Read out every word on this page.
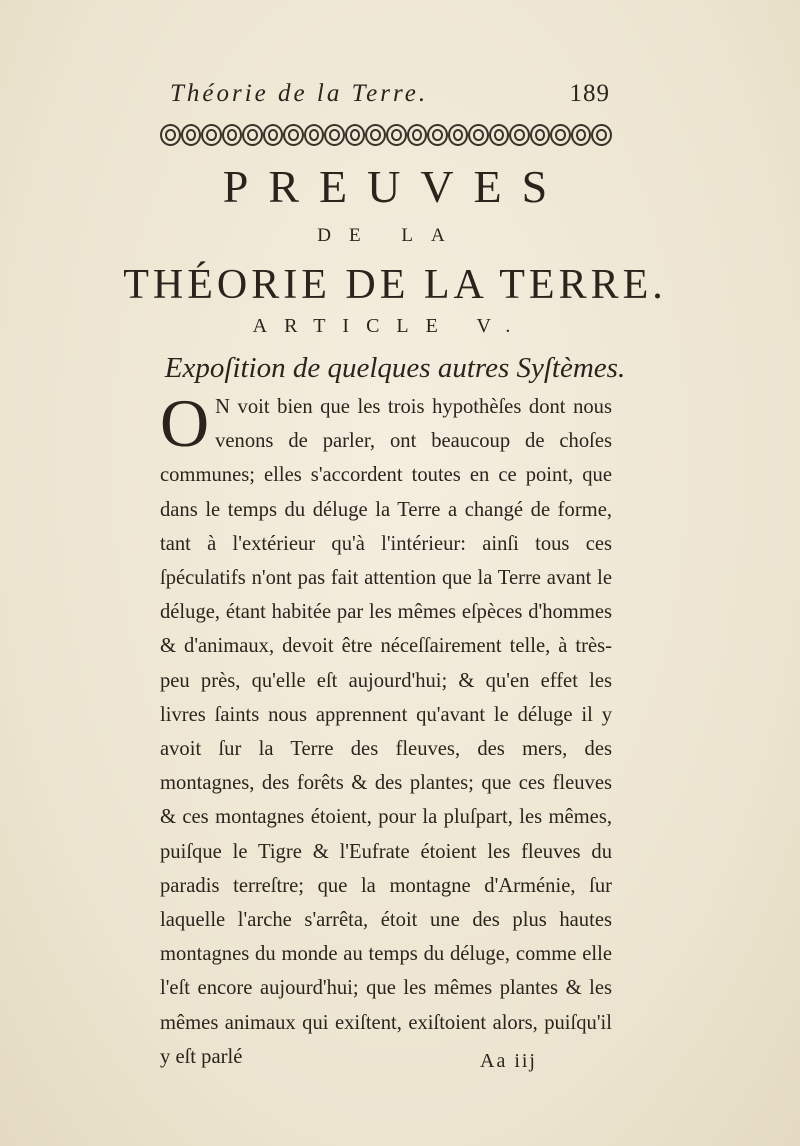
Théorie de la Terre.	189
PREUVES
DE LA
THÉORIE DE LA TERRE.
ARTICLE V.
Expoſition de quelques autres Syſtèmes.

O N voit bien que les trois hypothèſes dont nous venons de parler, ont beaucoup de choſes communes; elles s'accordent toutes en ce point, que dans le temps du déluge la Terre a changé de forme, tant à l'extérieur qu'à l'intérieur: ainſi tous ces ſpéculatifs n'ont pas fait attention que la Terre avant le déluge, étant habitée par les mêmes eſpèces d'hommes & d'animaux, devoit être néceſſairement telle, à très-peu près, qu'elle eſt aujourd'hui; & qu'en effet les livres ſaints nous apprennent qu'avant le déluge il y avoit ſur la Terre des fleuves, des mers, des montagnes, des forêts & des plantes; que ces fleuves & ces montagnes étoient, pour la pluſpart, les mêmes, puiſque le Tigre & l'Eufrate étoient les fleuves du paradis terreſtre; que la montagne d'Arménie, ſur laquelle l'arche s'arrêta, étoit une des plus hautes montagnes du monde au temps du déluge, comme elle l'eſt encore aujourd'hui; que les mêmes plantes & les mêmes animaux qui exiſtent, exiſtoient alors, puiſqu'il y eſt parlé	Aa iij
